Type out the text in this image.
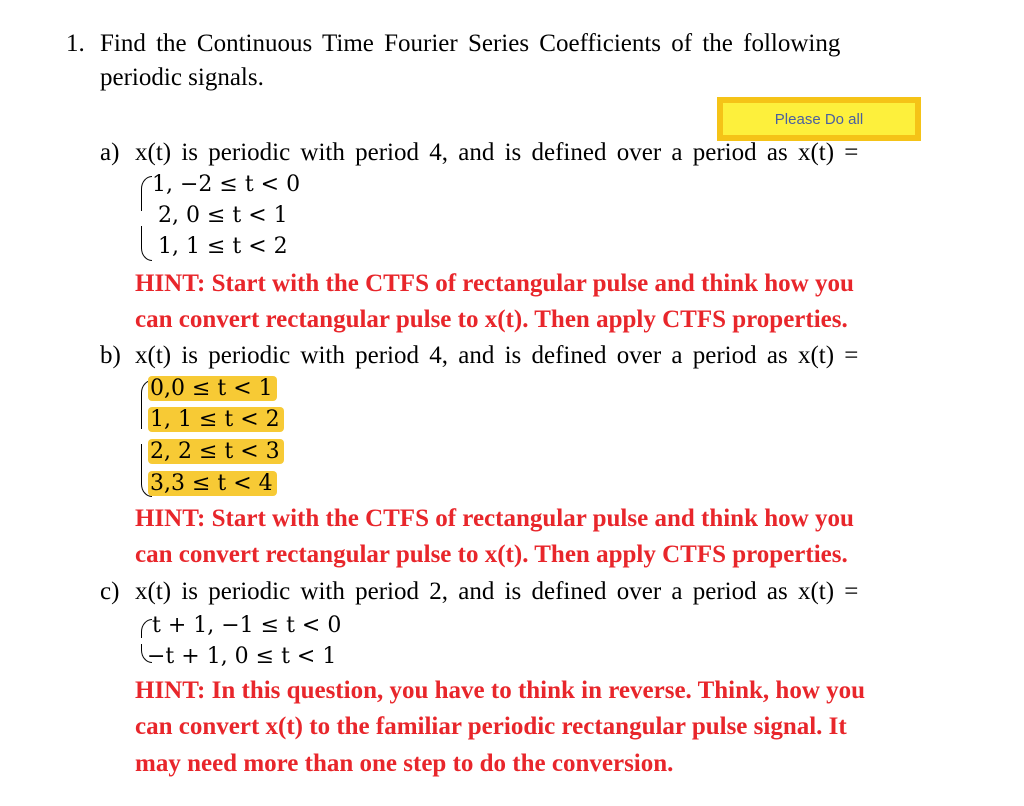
1. Find the Continuous Time Fourier Series Coefficients of the following
periodic signals.
Please Do all
a) x(t) is periodic with period 4, and is defined over a period as x(t) =
1, −2 ≤ t < 0
2, 0 ≤ t < 1
1, 1 ≤ t < 2
HINT: Start with the CTFS of rectangular pulse and think how you
can convert rectangular pulse to x(t). Then apply CTFS properties.
b) x(t) is periodic with period 4, and is defined over a period as x(t) =
0,0 ≤ t < 1
1, 1 ≤ t < 2
2, 2 ≤ t < 3
3,3 ≤ t < 4
HINT: Start with the CTFS of rectangular pulse and think how you
can convert rectangular pulse to x(t). Then apply CTFS properties.
c) x(t) is periodic with period 2, and is defined over a period as x(t) =
t + 1, −1 ≤ t < 0
−t + 1, 0 ≤ t < 1
HINT: In this question, you have to think in reverse. Think, how you
can convert x(t) to the familiar periodic rectangular pulse signal. It
may need more than one step to do the conversion.
